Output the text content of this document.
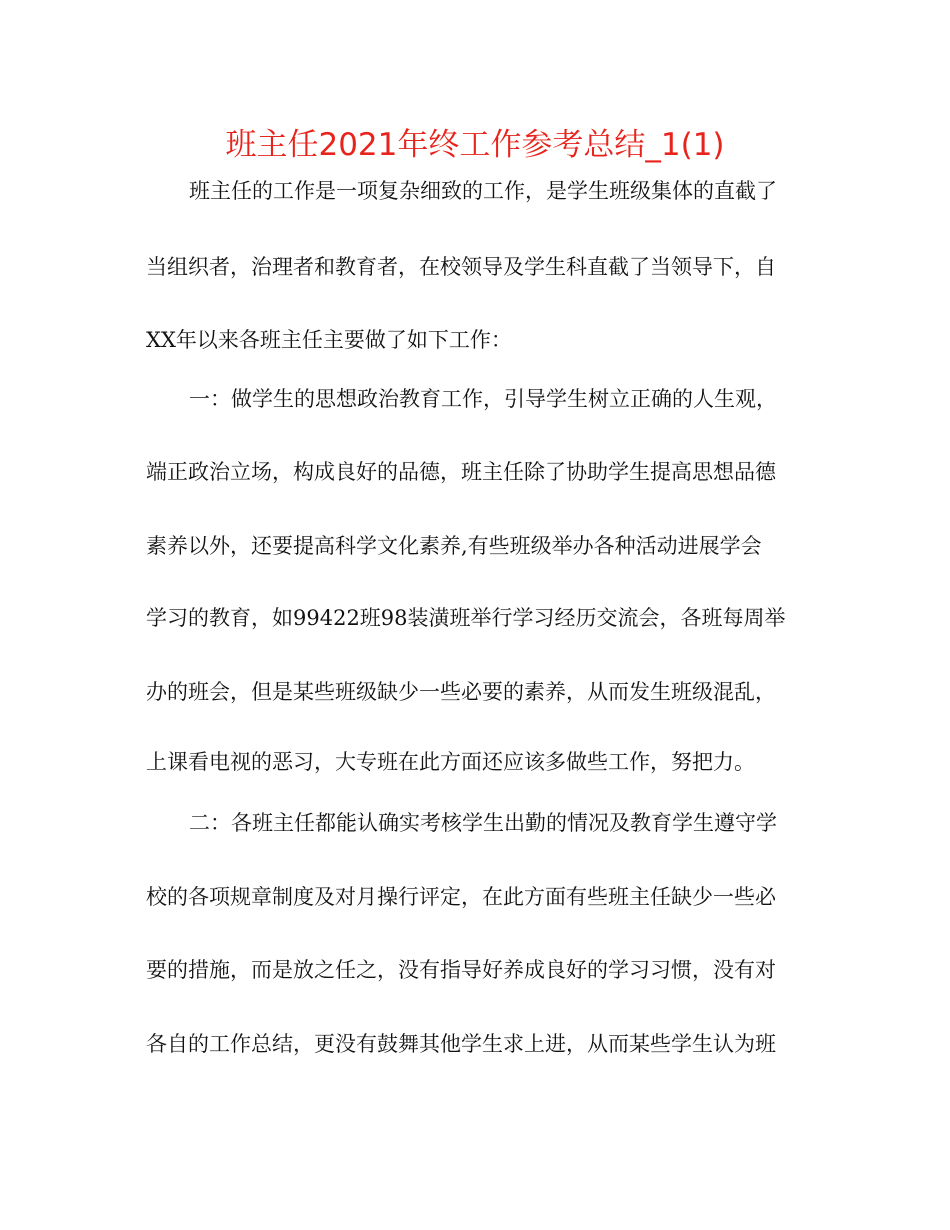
班主任2021年终工作参考总结_1(1)

班主任的工作是一项复杂细致的工作，是学生班级集体的直截了

当组织者，治理者和教育者，在校领导及学生科直截了当领导下，自

XX年以来各班主任主要做了如下工作：

一：做学生的思想政治教育工作，引导学生树立正确的人生观，

端正政治立场，构成良好的品德，班主任除了协助学生提高思想品德

素养以外，还要提高科学文化素养,有些班级举办各种活动进展学会

学习的教育，如99422班98装潢班举行学习经历交流会，各班每周举

办的班会，但是某些班级缺少一些必要的素养，从而发生班级混乱，

上课看电视的恶习，大专班在此方面还应该多做些工作，努把力。

二：各班主任都能认确实考核学生出勤的情况及教育学生遵守学

校的各项规章制度及对月操行评定，在此方面有些班主任缺少一些必

要的措施，而是放之任之，没有指导好养成良好的学习习惯，没有对

各自的工作总结，更没有鼓舞其他学生求上进，从而某些学生认为班
